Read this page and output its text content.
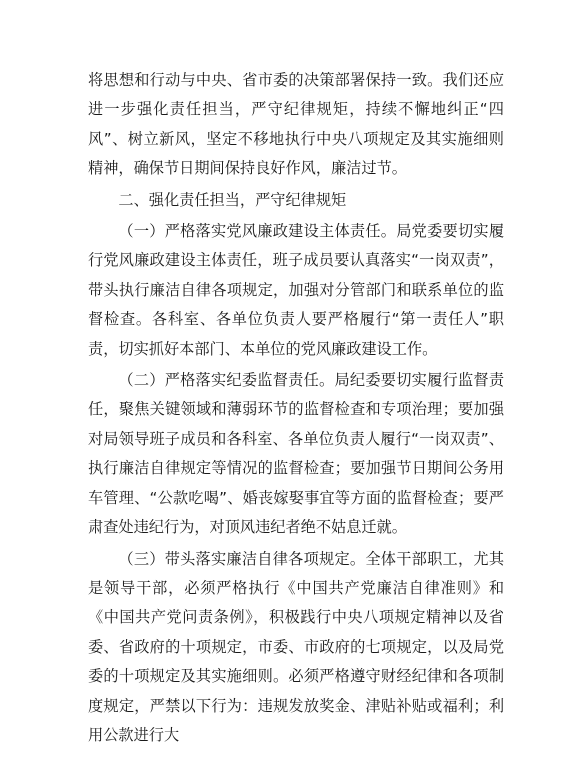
将思想和行动与中央、省市委的决策部署保持一致。我们还应进一步强化责任担当，严守纪律规矩，持续不懈地纠正“四风”、树立新风，坚定不移地执行中央八项规定及其实施细则精神，确保节日期间保持良好作风，廉洁过节。

二、强化责任担当，严守纪律规矩

（一）严格落实党风廉政建设主体责任。局党委要切实履行党风廉政建设主体责任，班子成员要认真落实“一岗双责”，带头执行廉洁自律各项规定，加强对分管部门和联系单位的监督检查。各科室、各单位负责人要严格履行“第一责任人”职责，切实抓好本部门、本单位的党风廉政建设工作。

（二）严格落实纪委监督责任。局纪委要切实履行监督责任，聚焦关键领域和薄弱环节的监督检查和专项治理；要加强对局领导班子成员和各科室、各单位负责人履行“一岗双责”、执行廉洁自律规定等情况的监督检查；要加强节日期间公务用车管理、“公款吃喝”、婚丧嫁娶事宜等方面的监督检查；要严肃查处违纪行为，对顶风违纪者绝不姑息迁就。

（三）带头落实廉洁自律各项规定。全体干部职工，尤其是领导干部，必须严格执行《中国共产党廉洁自律准则》和《中国共产党问责条例》，积极践行中央八项规定精神以及省委、省政府的十项规定，市委、市政府的七项规定，以及局党委的十项规定及其实施细则。必须严格遵守财经纪律和各项制度规定，严禁以下行为：违规发放奖金、津贴补贴或福利；利用公款进行大
